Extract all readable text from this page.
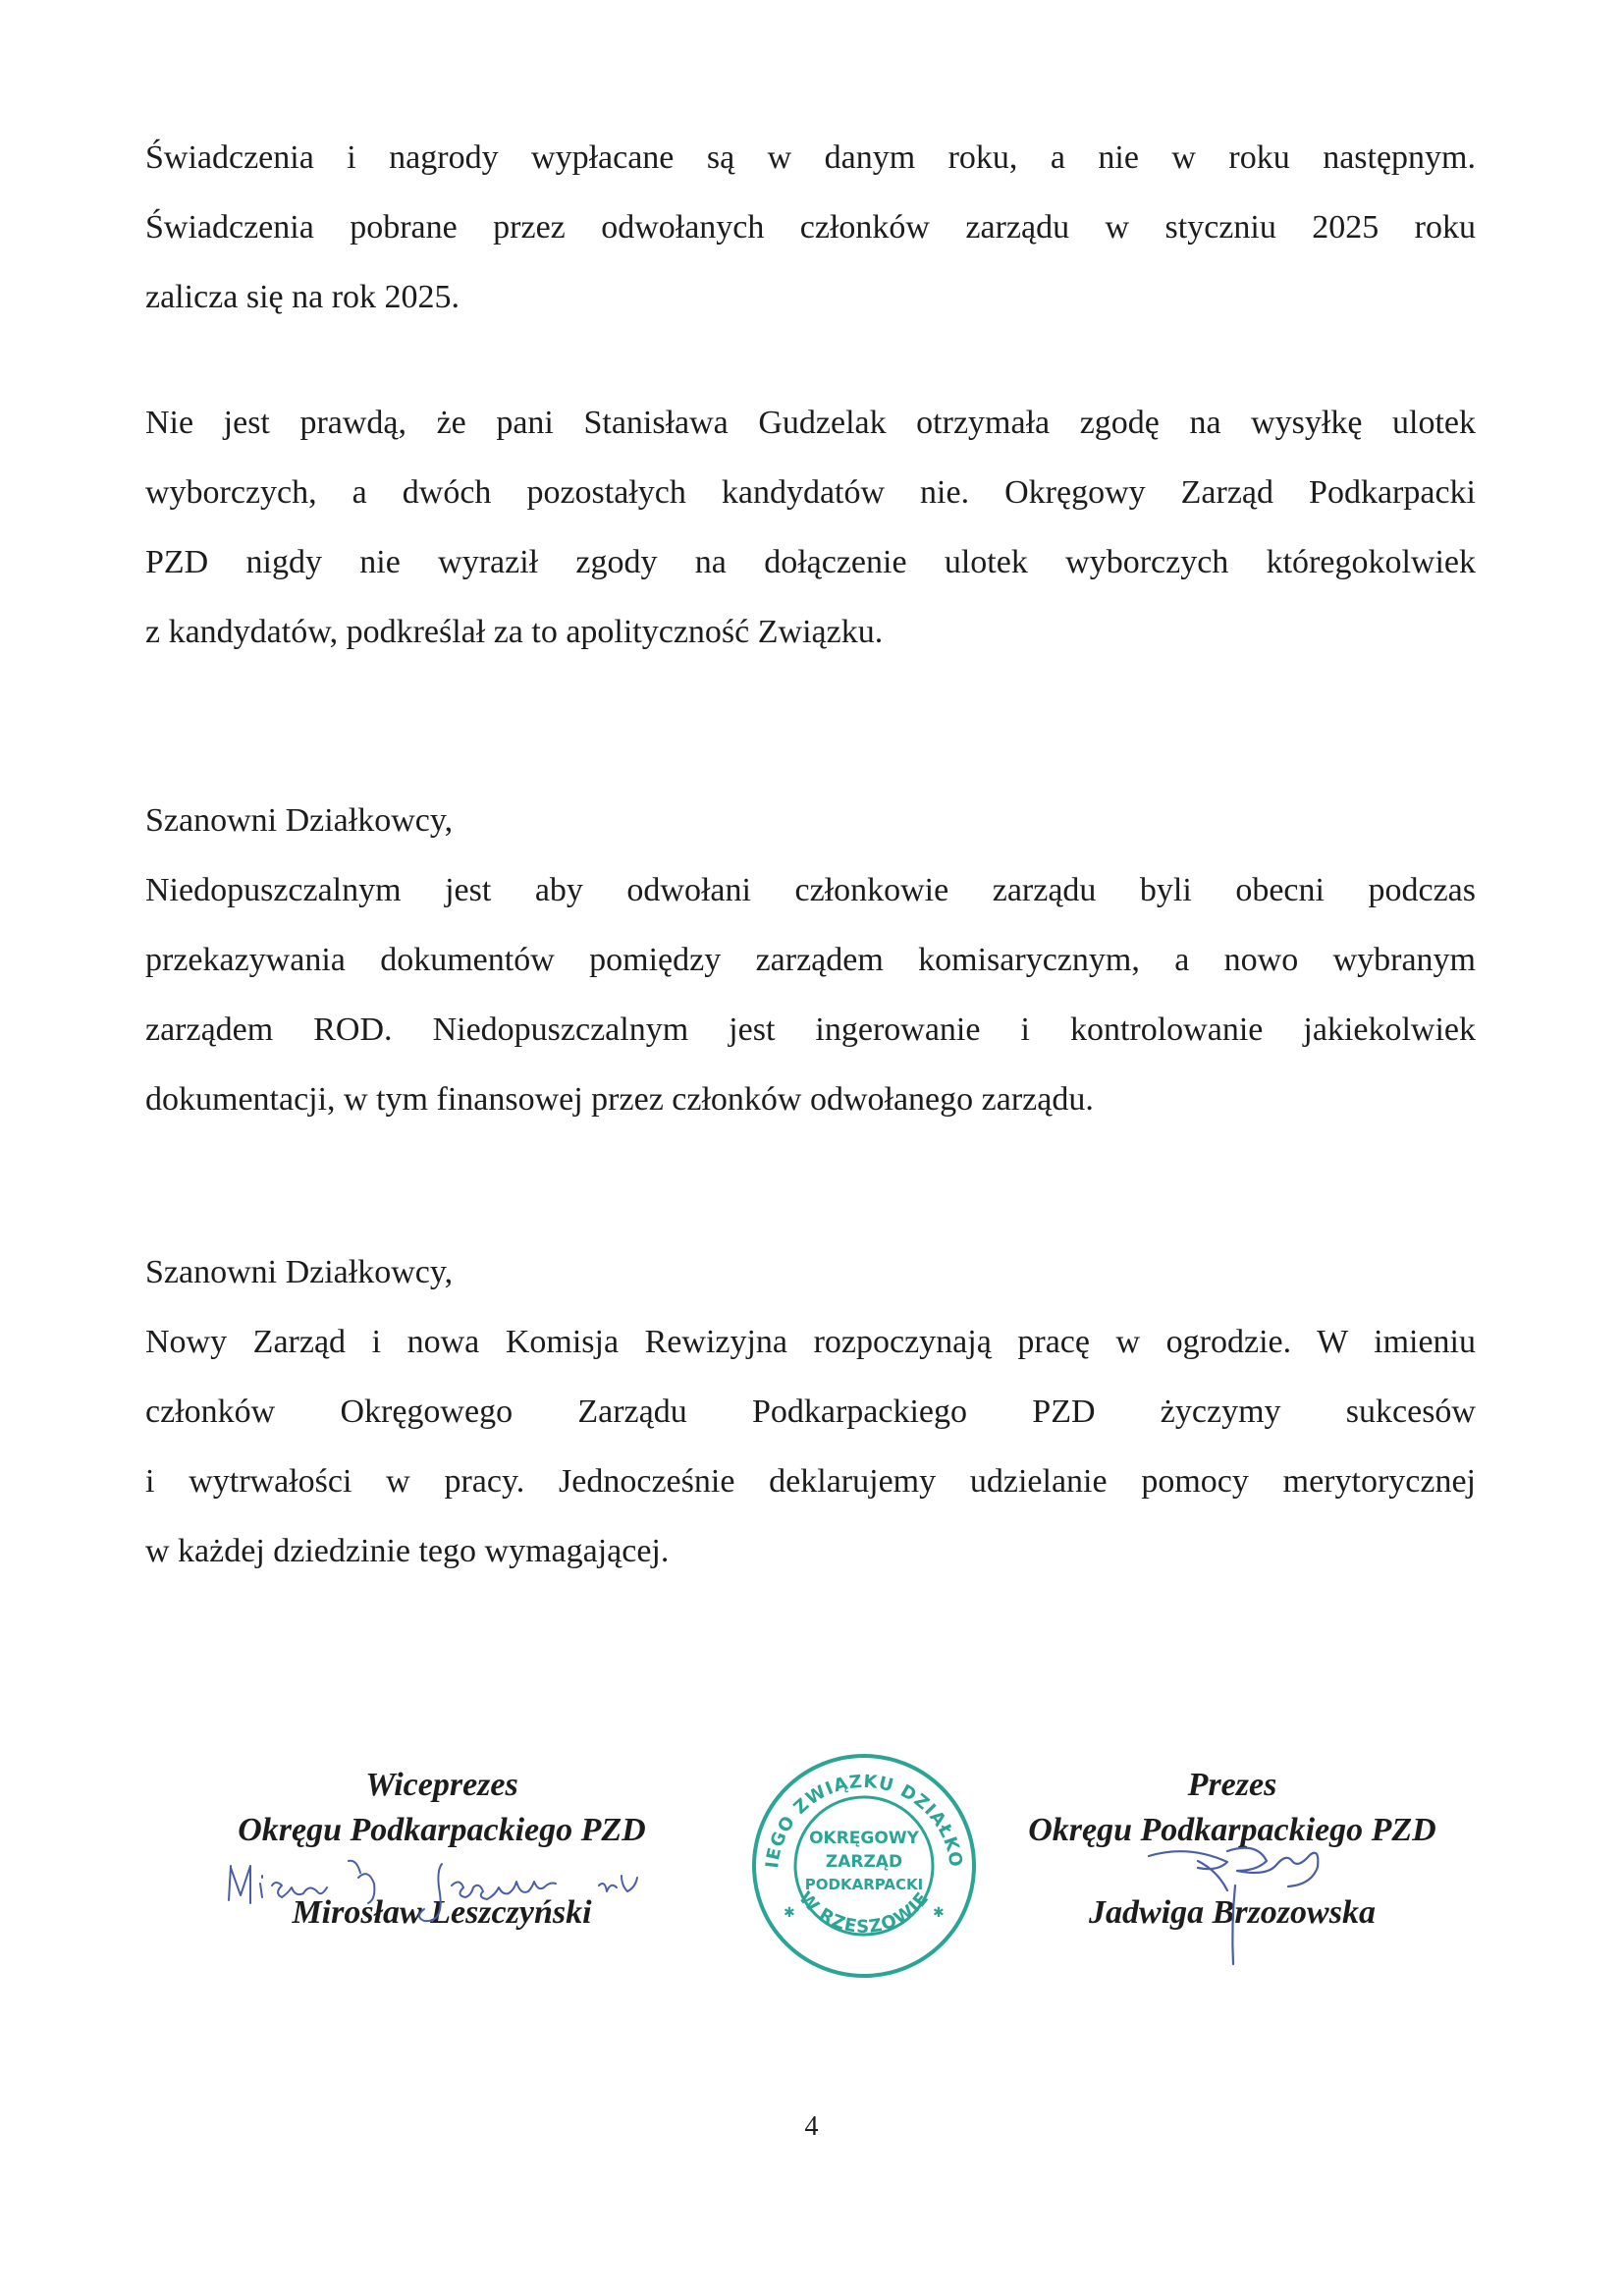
Świadczenia i nagrody wypłacane są w danym roku, a nie w roku następnym.
Świadczenia pobrane przez odwołanych członków zarządu w styczniu 2025 roku
zalicza się na rok 2025.
Nie jest prawdą, że pani Stanisława Gudzelak otrzymała zgodę na wysyłkę ulotek
wyborczych, a dwóch pozostałych kandydatów nie. Okręgowy Zarząd Podkarpacki
PZD nigdy nie wyraził zgody na dołączenie ulotek wyborczych któregokolwiek
z kandydatów, podkreślał za to apolityczność Związku.
Szanowni Działkowcy,
Niedopuszczalnym jest aby odwołani członkowie zarządu byli obecni podczas
przekazywania dokumentów pomiędzy zarządem komisarycznym, a nowo wybranym
zarządem ROD. Niedopuszczalnym jest ingerowanie i kontrolowanie jakiekolwiek
dokumentacji, w tym finansowej przez członków odwołanego zarządu.
Szanowni Działkowcy,
Nowy Zarząd i nowa Komisja Rewizyjna rozpoczynają pracę w ogrodzie. W imieniu
członków Okręgowego Zarządu Podkarpackiego PZD życzymy sukcesów
i wytrwałości w pracy. Jednocześnie deklarujemy udzielanie pomocy merytorycznej
w każdej dziedzinie tego wymagającej.
Wiceprezes
Okręgu Podkarpackiego PZD
Mirosław Leszczyński
Prezes
Okręgu Podkarpackiego PZD
Jadwiga Brzozowska
IEGO ZWIĄZKU DZIAŁKO
W RZESZOWIE
✱	✱
OKRĘGOWY
ZARZĄD
PODKARPACKI
4
